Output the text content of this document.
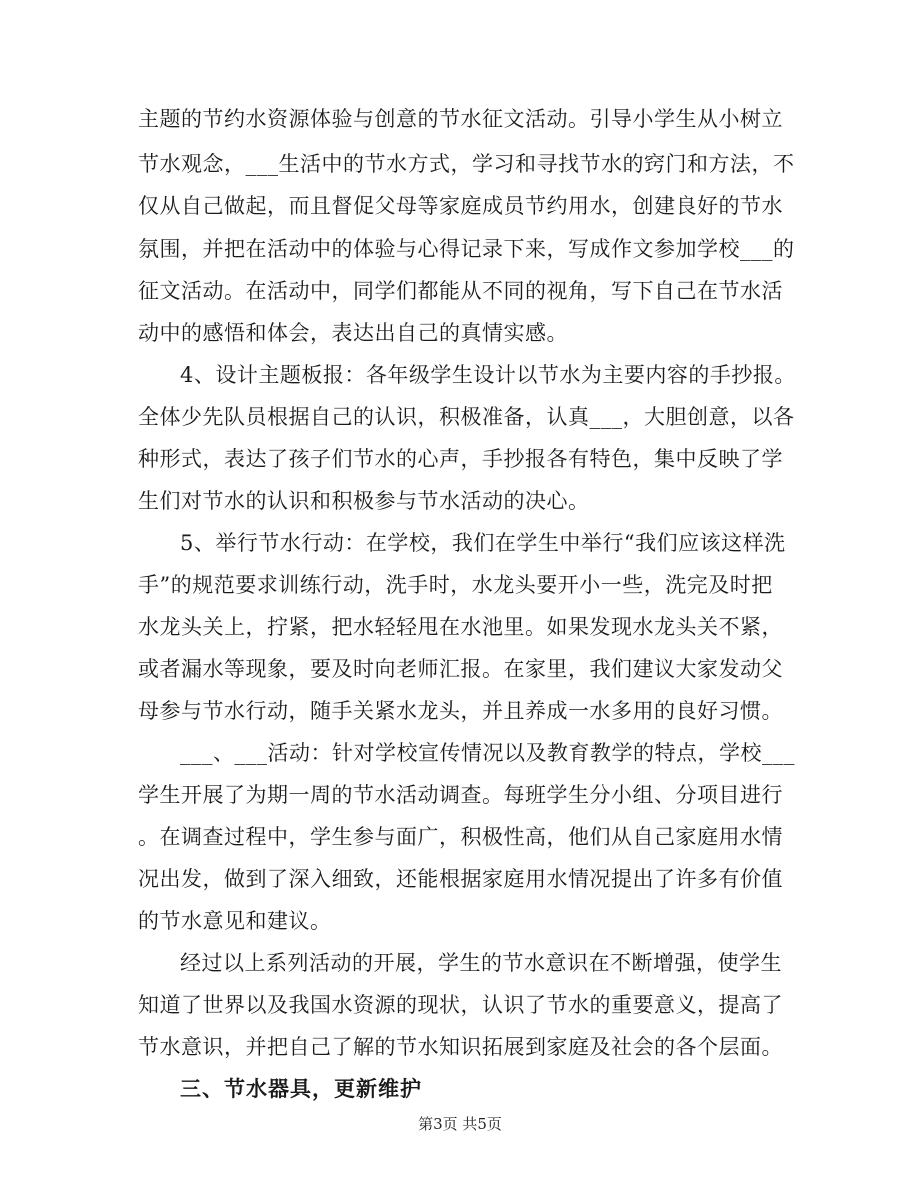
主题的节约水资源体验与创意的节水征文活动。引导小学生从小树立
节水观念，___生活中的节水方式，学习和寻找节水的窍门和方法，不
仅从自己做起，而且督促父母等家庭成员节约用水，创建良好的节水
氛围，并把在活动中的体验与心得记录下来，写成作文参加学校___的
征文活动。在活动中，同学们都能从不同的视角，写下自己在节水活
动中的感悟和体会，表达出自己的真情实感。
4、设计主题板报：各年级学生设计以节水为主要内容的手抄报。
全体少先队员根据自己的认识，积极准备，认真___，大胆创意，以各
种形式，表达了孩子们节水的心声，手抄报各有特色，集中反映了学
生们对节水的认识和积极参与节水活动的决心。
5、举行节水行动：在学校，我们在学生中举行“我们应该这样洗
手”的规范要求训练行动，洗手时，水龙头要开小一些，洗完及时把
水龙头关上，拧紧，把水轻轻甩在水池里。如果发现水龙头关不紧，
或者漏水等现象，要及时向老师汇报。在家里，我们建议大家发动父
母参与节水行动，随手关紧水龙头，并且养成一水多用的良好习惯。
___、___活动：针对学校宣传情况以及教育教学的特点，学校___
学生开展了为期一周的节水活动调查。每班学生分小组、分项目进行
。在调查过程中，学生参与面广，积极性高，他们从自己家庭用水情
况出发，做到了深入细致，还能根据家庭用水情况提出了许多有价值
的节水意见和建议。
经过以上系列活动的开展，学生的节水意识在不断增强，使学生
知道了世界以及我国水资源的现状，认识了节水的重要意义，提高了
节水意识，并把自己了解的节水知识拓展到家庭及社会的各个层面。
三、节水器具，更新维护
第3页 共5页
